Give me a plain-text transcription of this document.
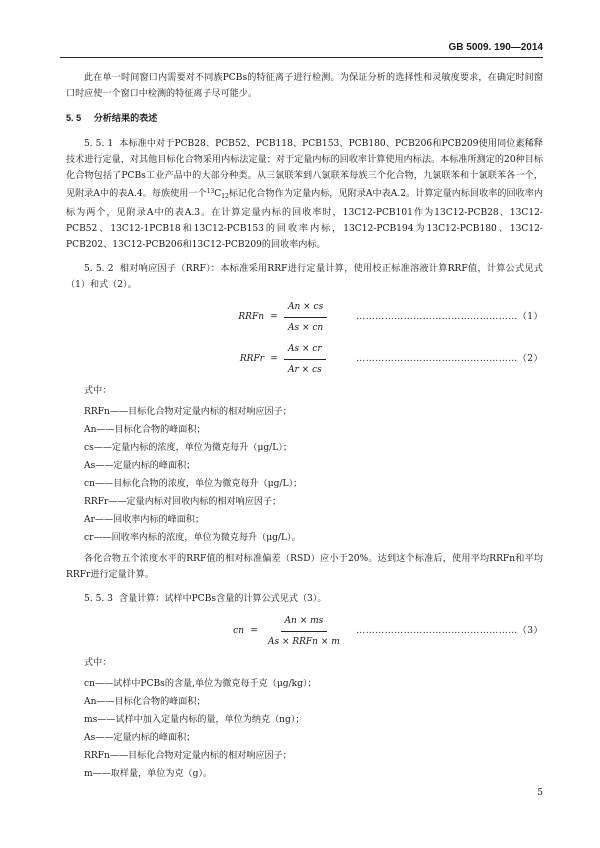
GB 5009. 190—2014

此在单一时间窗口内需要对不同族PCBs的特征离子进行检测。为保证分析的选择性和灵敏度要求，在确定时间窗口时应使一个窗口中检测的特征离子尽可能少。

5. 5 分析结果的表述

5. 5. 1 本标准中对于PCB28、PCB52、PCB118、PCB153、PCB180、PCB206和PCB209使用同位素稀释技术进行定量，对其他目标化合物采用内标法定量；对于定量内标的回收率计算使用内标法。本标准所测定的20种目标化合物包括了PCBs工业产品中的大部分种类。从三氯联苯到八氯联苯每族三个化合物，九氯联苯和十氯联苯各一个，见附录A中的表A.4。每族使用一个$^{13}C_{12}$标记化合物作为定量内标，见附录A中表A.2。计算定量内标回收率的回收率内标为两个，见附录A中的表A.3。在计算定量内标的回收率时，13C12-PCB101作为13C12-PCB28、13C12-PCB52、13C12-1PCB18和13C12-PCB153的回收率内标，13C12-PCB194为13C12-PCB180、13C12-PCB202、13C12-PCB206和13C12-PCB209的回收率内标。

5. 5. 2 相对响应因子（RRF）：本标准采用RRF进行定量计算，使用校正标准溶液计算RRF值，计算公式见式（1）和式（2）。

RRFn = $\frac{An \times cs}{As \times cn}$	……………………………………………（1）
RRFr = $\frac{As \times cr}{Ar \times cs}$	……………………………………………（2）

式中：

RRFn——目标化合物对定量内标的相对响应因子；

An——目标化合物的峰面积；

cs——定量内标的浓度，单位为微克每升（μg/L）；

As——定量内标的峰面积；

cn——目标化合物的浓度，单位为微克每升（μg/L）；

RRFr——定量内标对回收内标的相对响应因子；

Ar——回收率内标的峰面积；

cr——回收率内标的浓度，单位为微克每升（μg/L）。

各化合物五个浓度水平的RRF值的相对标准偏差（RSD）应小于20%。达到这个标准后，使用平均RRFn和平均RRFr进行定量计算。

5. 5. 3 含量计算：试样中PCBs含量的计算公式见式（3）。

cn = $\frac{An \times ms}{\text{As × RRFn × m}}$ ……………………………………………（3）

式中：

cn——试样中PCBs的含量,单位为微克每千克（μg/kg）；

An——目标化合物的峰面积；

ms——试样中加入定量内标的量，单位为纳克（ng）；

As——定量内标的峰面积；

RRFn——目标化合物对定量内标的相对响应因子；

m——取样量，单位为克（g）。

5
